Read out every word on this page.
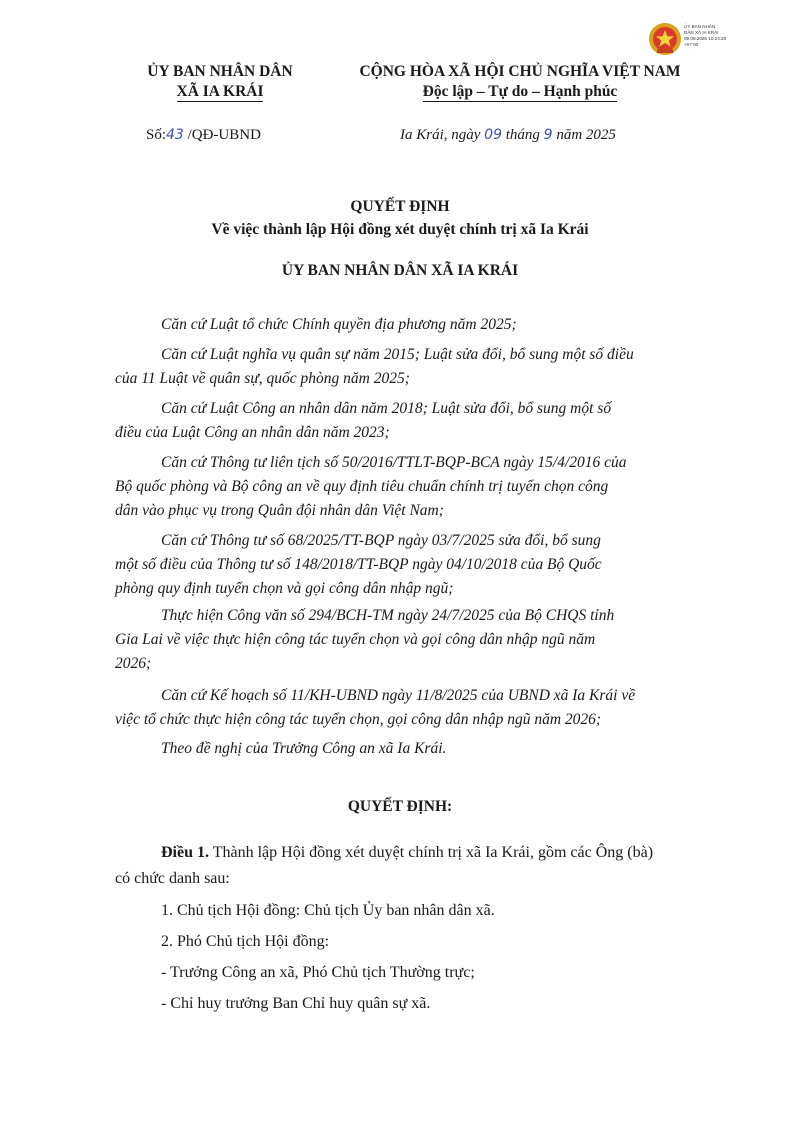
ỦY BAN NHÂN
DÂN XÃ IA KRÁI
09.09.2025 10:24:20
+07:00
ỦY BAN NHÂN DÂN
XÃ IA KRÁI
CỘNG HÒA XÃ HỘI CHỦ NGHĨA VIỆT NAM
Độc lập – Tự do – Hạnh phúc
Số:43 /QĐ-UBND	Ia Krái, ngày 09 tháng 9 năm 2025
QUYẾT ĐỊNH
Về việc thành lập Hội đồng xét duyệt chính trị xã Ia Krái
ỦY BAN NHÂN DÂN XÃ IA KRÁI
Căn cứ Luật tổ chức Chính quyền địa phương năm 2025;
Căn cứ Luật nghĩa vụ quân sự năm 2015; Luật sửa đổi, bổ sung một số điều
của 11 Luật về quân sự, quốc phòng năm 2025;
Căn cứ Luật Công an nhân dân năm 2018; Luật sửa đổi, bổ sung một số
điều của Luật Công an nhân dân năm 2023;
Căn cứ Thông tư liên tịch số 50/2016/TTLT-BQP-BCA ngày 15/4/2016 của
Bộ quốc phòng và Bộ công an về quy định tiêu chuẩn chính trị tuyển chọn công
dân vào phục vụ trong Quân đội nhân dân Việt Nam;
Căn cứ Thông tư số 68/2025/TT-BQP ngày 03/7/2025 sửa đổi, bổ sung
một số điều của Thông tư số 148/2018/TT-BQP ngày 04/10/2018 của Bộ Quốc
phòng quy định tuyển chọn và gọi công dân nhập ngũ;
Thực hiện Công văn số 294/BCH-TM ngày 24/7/2025 của Bộ CHQS tỉnh
Gia Lai về việc thực hiện công tác tuyển chọn và gọi công dân nhập ngũ năm
2026;
Căn cứ Kế hoạch số 11/KH-UBND ngày 11/8/2025 của UBND xã Ia Krái về
việc tổ chức thực hiện công tác tuyển chọn, gọi công dân nhập ngũ năm 2026;
Theo đề nghị của Trưởng Công an xã Ia Krái.
QUYẾT ĐỊNH:
Điều 1. Thành lập Hội đồng xét duyệt chính trị xã Ia Krái, gồm các Ông (bà)
có chức danh sau:
1. Chủ tịch Hội đồng: Chủ tịch Ủy ban nhân dân xã.
2. Phó Chủ tịch Hội đồng:
- Trưởng Công an xã, Phó Chủ tịch Thường trực;
- Chỉ huy trưởng Ban Chỉ huy quân sự xã.
